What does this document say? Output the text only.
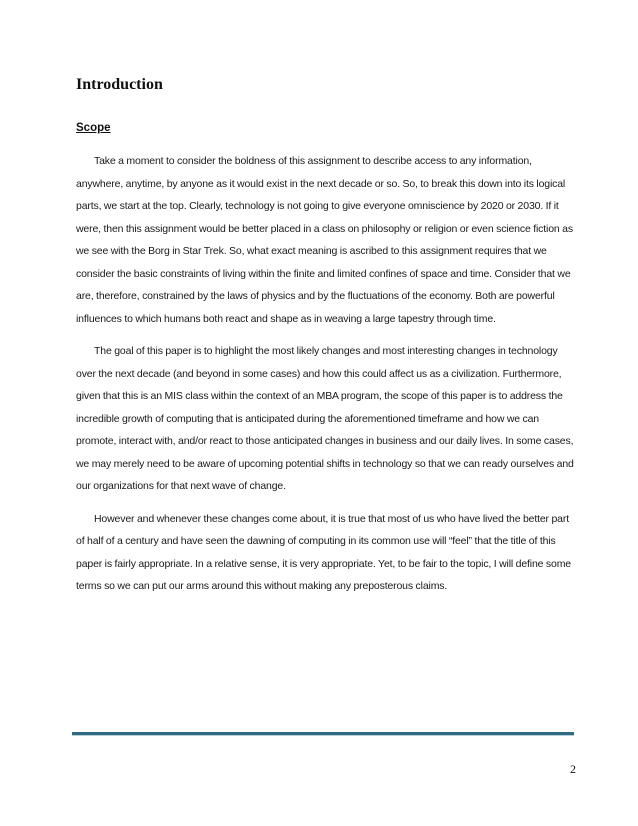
Introduction
Scope

Take a moment to consider the boldness of this assignment to describe access to any information, anywhere, anytime, by anyone as it would exist in the next decade or so. So, to break this down into its logical parts, we start at the top. Clearly, technology is not going to give everyone omniscience by 2020 or 2030. If it were, then this assignment would be better placed in a class on philosophy or religion or even science fiction as we see with the Borg in Star Trek. So, what exact meaning is ascribed to this assignment requires that we consider the basic constraints of living within the finite and limited confines of space and time. Consider that we are, therefore, constrained by the laws of physics and by the fluctuations of the economy. Both are powerful influences to which humans both react and shape as in weaving a large tapestry through time.

The goal of this paper is to highlight the most likely changes and most interesting changes in technology over the next decade (and beyond in some cases) and how this could affect us as a civilization. Furthermore, given that this is an MIS class within the context of an MBA program, the scope of this paper is to address the incredible growth of computing that is anticipated during the aforementioned timeframe and how we can promote, interact with, and/or react to those anticipated changes in business and our daily lives. In some cases, we may merely need to be aware of upcoming potential shifts in technology so that we can ready ourselves and our organizations for that next wave of change.

However and whenever these changes come about, it is true that most of us who have lived the better part of half of a century and have seen the dawning of computing in its common use will “feel” that the title of this paper is fairly appropriate. In a relative sense, it is very appropriate. Yet, to be fair to the topic, I will define some terms so we can put our arms around this without making any preposterous claims.

2
